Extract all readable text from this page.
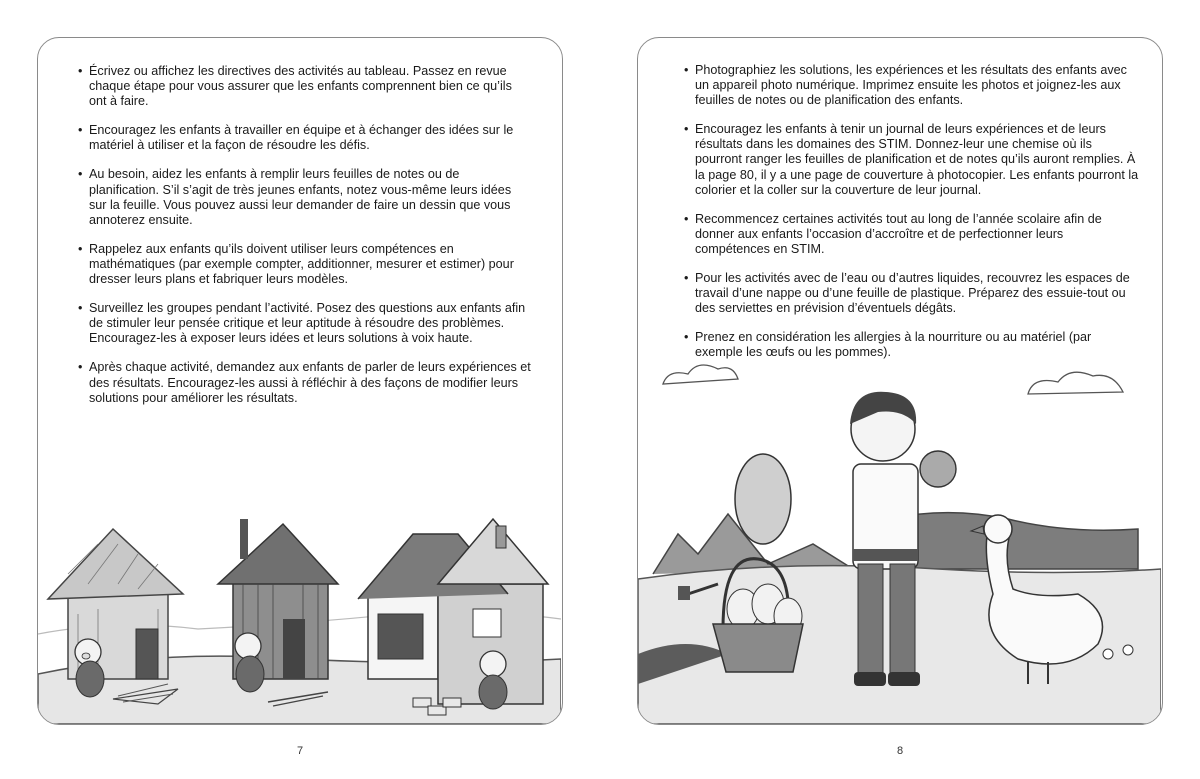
• Écrivez ou affichez les directives des activités au tableau. Passez en revue chaque étape pour vous assurer que les enfants comprennent bien ce qu’ils ont à faire.
• Encouragez les enfants à travailler en équipe et à échanger des idées sur le matériel à utiliser et la façon de résoudre les défis.
• Au besoin, aidez les enfants à remplir leurs feuilles de notes ou de planification. S’il s’agit de très jeunes enfants, notez vous-même leurs idées sur la feuille. Vous pouvez aussi leur demander de faire un dessin que vous annoterez ensuite.
• Rappelez aux enfants qu’ils doivent utiliser leurs compétences en mathématiques (par exemple compter, additionner, mesurer et estimer) pour dresser leurs plans et fabriquer leurs modèles.
• Surveillez les groupes pendant l’activité. Posez des questions aux enfants afin de stimuler leur pensée critique et leur aptitude à résoudre des problèmes. Encouragez-les à exposer leurs idées et leurs solutions à voix haute.
• Après chaque activité, demandez aux enfants de parler de leurs expériences et des résultats. Encouragez-les aussi à réfléchir à des façons de modifier leurs solutions pour améliorer les résultats.
• Photographiez les solutions, les expériences et les résultats des enfants avec un appareil photo numérique. Imprimez ensuite les photos et joignez-les aux feuilles de notes ou de planification des enfants.
• Encouragez les enfants à tenir un journal de leurs expériences et de leurs résultats dans les domaines des STIM. Donnez-leur une chemise où ils pourront ranger les feuilles de planification et de notes qu’ils auront remplies. À la page 80, il y a une page de couverture à photocopier. Les enfants pourront la colorier et la coller sur la couverture de leur journal.
• Recommencez certaines activités tout au long de l’année scolaire afin de donner aux enfants l’occasion d’accroître et de perfectionner leurs compétences en STIM.
• Pour les activités avec de l’eau ou d’autres liquides, recouvrez les espaces de travail d’une nappe ou d’une feuille de plastique. Préparez des essuie-tout ou des serviettes en prévision d’éventuels dégâts.
• Prenez en considération les allergies à la nourriture ou au matériel (par exemple les œufs ou les pommes).
7	8
